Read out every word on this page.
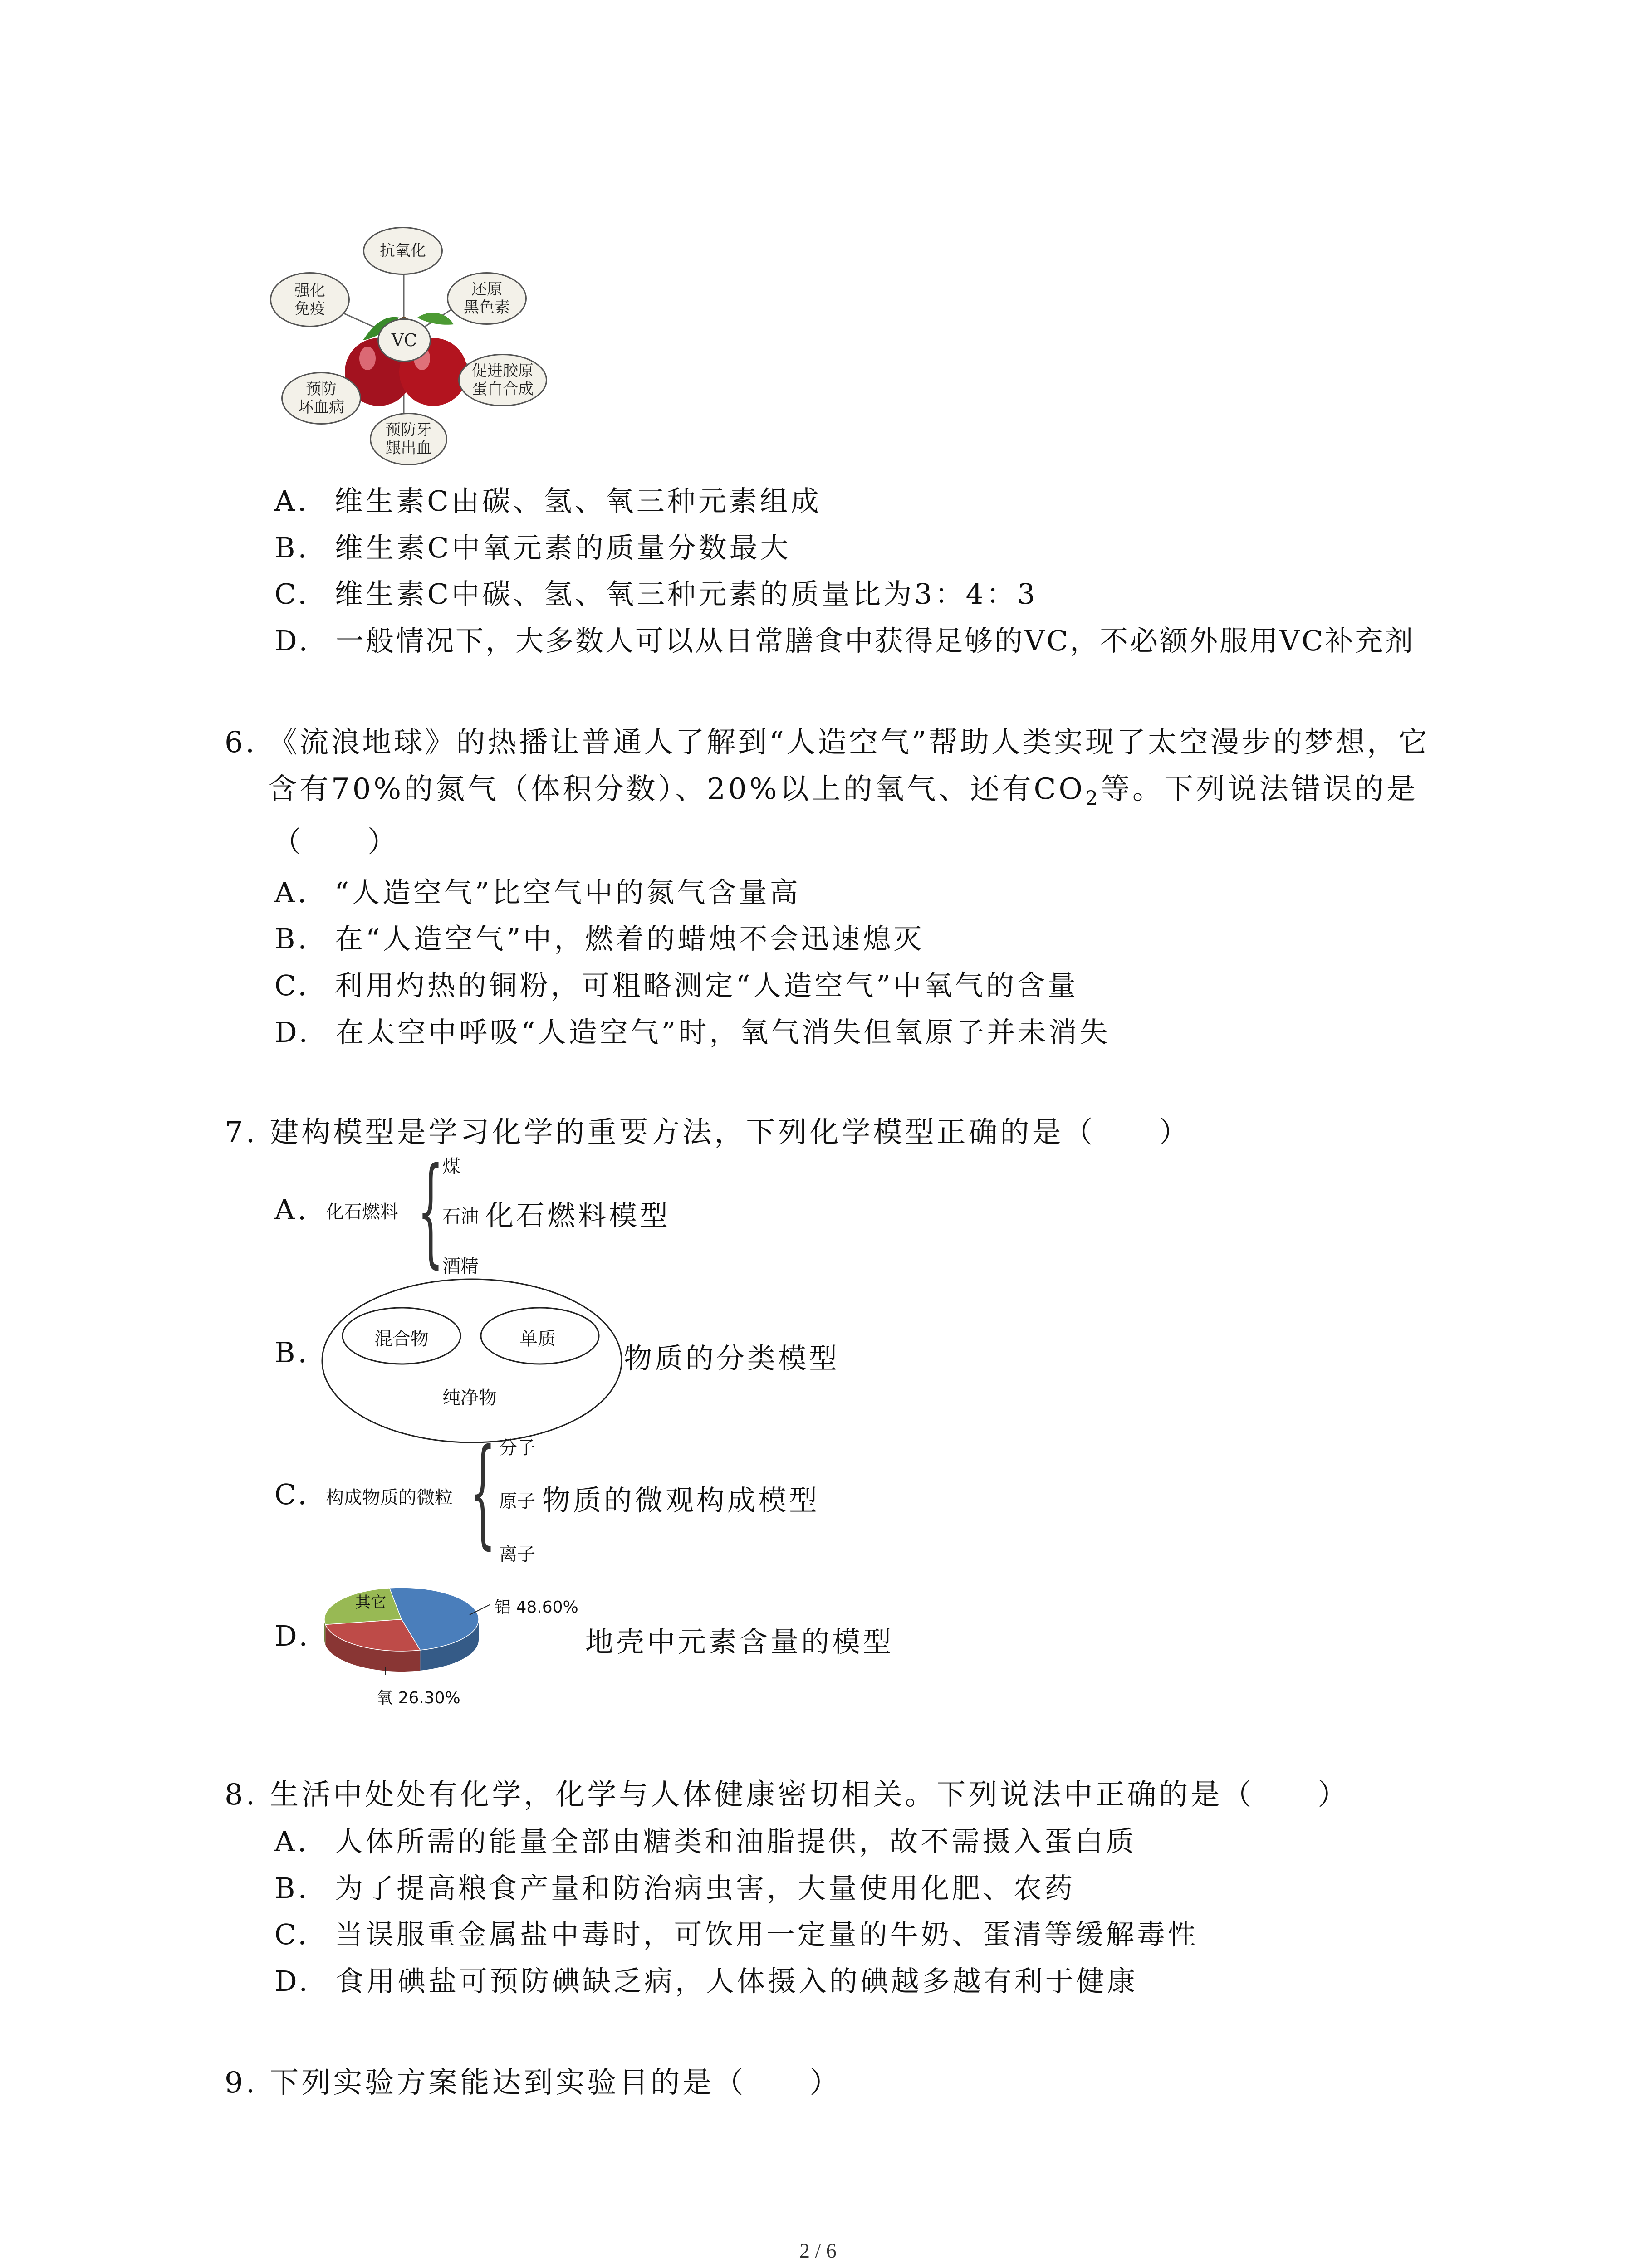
VC
抗氧化
还原
黑色素
促进胶原
蛋白合成
预防牙
龈出血
预防
坏血病
强化
免疫
A. 维生素C由碳、氢、氧三种元素组成
B. 维生素C中氧元素的质量分数最大
C. 维生素C中碳、氢、氧三种元素的质量比为3：4：3
D. 一般情况下，大多数人可以从日常膳食中获得足够的VC，不必额外服用VC补充剂
6. 《流浪地球》的热播让普通人了解到“人造空气”帮助人类实现了太空漫步的梦想，它
含有70%的氮气（体积分数）、20%以上的氧气、还有$CO_2$等。下列说法错误的是
（　　）
A. “人造空气”比空气中的氮气含量高
B. 在“人造空气”中，燃着的蜡烛不会迅速熄灭
C. 利用灼热的铜粉，可粗略测定“人造空气”中氧气的含量
D. 在太空中呼吸“人造空气”时，氧气消失但氧原子并未消失
7. 建构模型是学习化学的重要方法，下列化学模型正确的是（　　）
A. 化石燃料 {
煤
石油
酒精
化石燃料模型
B.	混合物	单质
纯净物
物质的分类模型
C. 构成物质的微粒 { 分子
原子
离子
物质的微观构成模型
D.
铝 48.60%
氧 26.30%
其它
地壳中元素含量的模型
8. 生活中处处有化学，化学与人体健康密切相关。下列说法中正确的是（　　）
A. 人体所需的能量全部由糖类和油脂提供，故不需摄入蛋白质
B. 为了提高粮食产量和防治病虫害，大量使用化肥、农药
C. 当误服重金属盐中毒时，可饮用一定量的牛奶、蛋清等缓解毒性
D. 食用碘盐可预防碘缺乏病，人体摄入的碘越多越有利于健康
9. 下列实验方案能达到实验目的是（　　）
2 / 6
